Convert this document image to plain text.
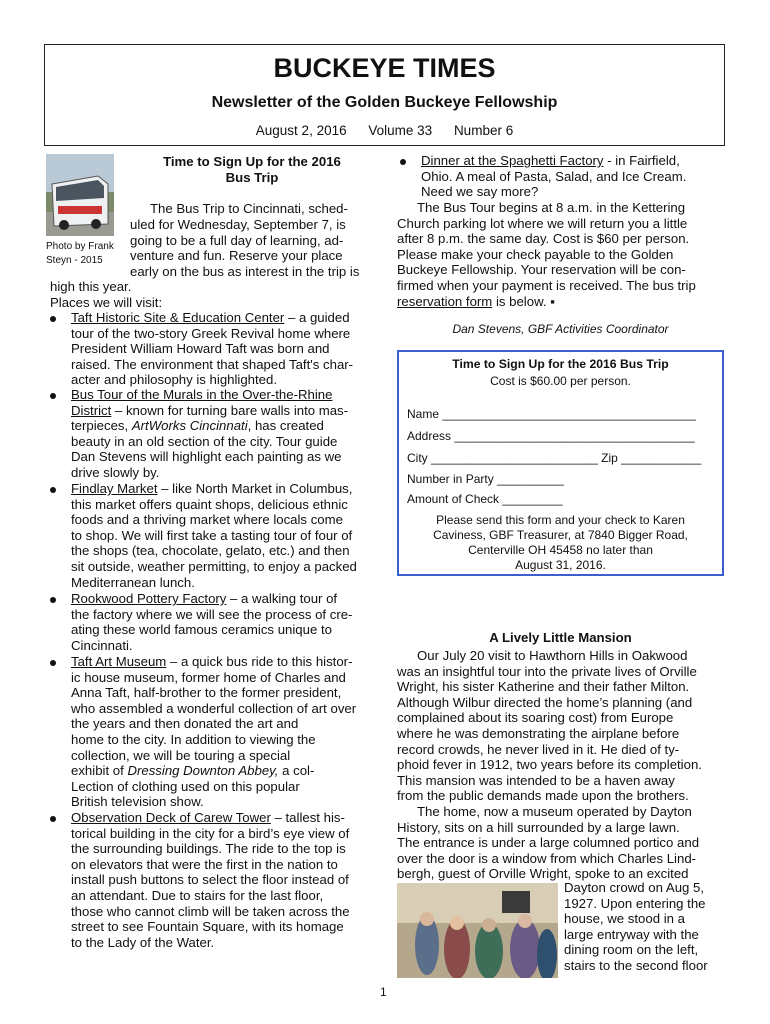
BUCKEYE TIMES
Newsletter of the Golden Buckeye Fellowship
August 2, 2016 Volume 33 Number 6
Photo by Frank
Steyn - 2015
Time to Sign Up for the 2016
Bus Trip

The Bus Trip to Cincinnati, sched-

uled for Wednesday, September 7, is

going to be a full day of learning, ad-

venture and fun. Reserve your place

early on the bus as interest in the trip is

high this year.

Places we will visit:

Taft Historic Site & Education Center – a guided

tour of the two-story Greek Revival home where

President William Howard Taft was born and

raised. The environment that shaped Taft's char-

acter and philosophy is highlighted.

Bus Tour of the Murals in the Over-the-Rhine

District – known for turning bare walls into mas-

terpieces, ArtWorks Cincinnati, has created

beauty in an old section of the city. Tour guide

Dan Stevens will highlight each painting as we

drive slowly by.

Findlay Market – like North Market in Columbus,

this market offers quaint shops, delicious ethnic

foods and a thriving market where locals come

to shop. We will first take a tasting tour of four of

the shops (tea, chocolate, gelato, etc.) and then

sit outside, weather permitting, to enjoy a packed

Mediterranean lunch.

Rookwood Pottery Factory – a walking tour of

the factory where we will see the process of cre-

ating these world famous ceramics unique to

Cincinnati.

Taft Art Museum – a quick bus ride to this histor-

ic house museum, former home of Charles and

Anna Taft, half-brother to the former president,

who assembled a wonderful collection of art over

the years and then donated the art and

home to the city. In addition to viewing the

collection, we will be touring a special

exhibit of Dressing Downton Abbey, a col-

Lection of clothing used on this popular

British television show.

Observation Deck of Carew Tower – tallest his-

torical building in the city for a bird’s eye view of

the surrounding buildings. The ride to the top is

on elevators that were the first in the nation to

install push buttons to select the floor instead of

an attendant. Due to stairs for the last floor,

those who cannot climb will be taken across the

street to see Fountain Square, with its homage

to the Lady of the Water.

Dinner at the Spaghetti Factory - in Fairfield,

Ohio. A meal of Pasta, Salad, and Ice Cream.

Need we say more?

The Bus Tour begins at 8 a.m. in the Kettering

Church parking lot where we will return you a little

after 8 p.m. the same day. Cost is $60 per person.

Please make your check payable to the Golden

Buckeye Fellowship. Your reservation will be con-

firmed when your payment is received. The bus trip

reservation form is below. ▪

Dan Stevens, GBF Activities Coordinator
Time to Sign Up for the 2016 Bus Trip
Cost is $60.00 per person.
Name ______________________________________
Address ____________________________________
City _________________________ Zip ____________
Number in Party __________
Amount of Check _________
Please send this form and your check to Karen
Caviness, GBF Treasurer, at 7840 Bigger Road,
Centerville OH 45458 no later than
August 31, 2016.
A Lively Little Mansion

Our July 20 visit to Hawthorn Hills in Oakwood

was an insightful tour into the private lives of Orville

Wright, his sister Katherine and their father Milton.

Although Wilbur directed the home’s planning (and

complained about its soaring cost) from Europe

where he was demonstrating the airplane before

record crowds, he never lived in it. He died of ty-

phoid fever in 1912, two years before its completion.

This mansion was intended to be a haven away

from the public demands made upon the brothers.

The home, now a museum operated by Dayton

History, sits on a hill surrounded by a large lawn.

The entrance is under a large columned portico and

over the door is a window from which Charles Lind-

bergh, guest of Orville Wright, spoke to an excited

Dayton crowd on Aug 5,

1927. Upon entering the

house, we stood in a

large entryway with the

dining room on the left,

stairs to the second floor

1
